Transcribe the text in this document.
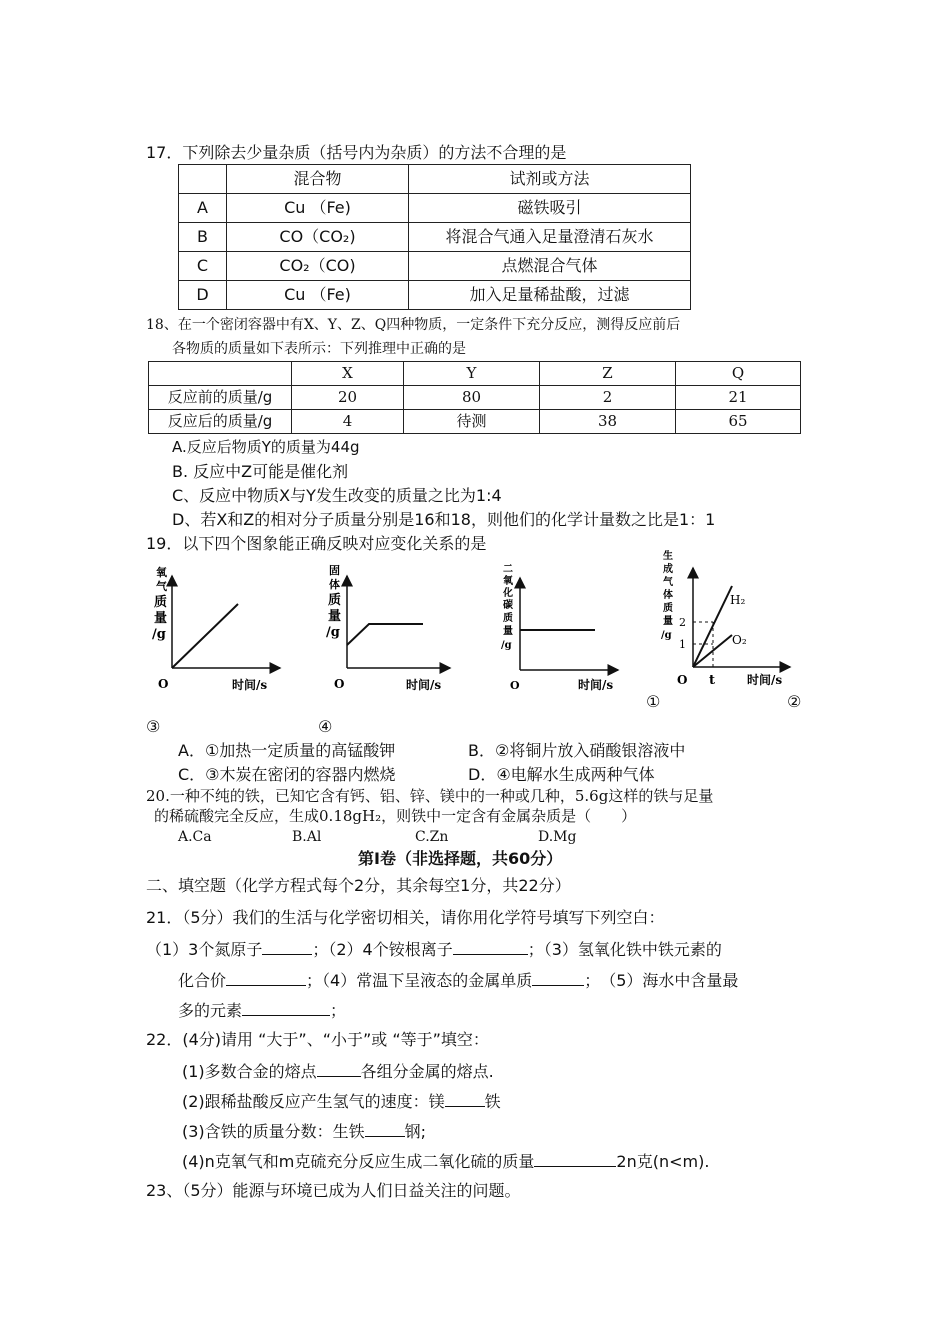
17．下列除去少量杂质（括号内为杂质）的方法不合理的是
	混合物	试剂或方法
A	Cu （Fe)	磁铁吸引
B	CO（CO₂)	将混合气通入足量澄清石灰水
C	CO₂（CO)	点燃混合气体
D	Cu （Fe)	加入足量稀盐酸，过滤
18、在一个密闭容器中有X、Y、Z、Q四种物质，一定条件下充分反应，测得反应前后
各物质的质量如下表所示：下列推理中正确的是
	X	Y	Z	Q
反应前的质量/g	20	80	2	21
反应后的质量/g	4	待测	38	65
A.反应后物质Y的质量为44g
B. 反应中Z可能是催化剂
C、反应中物质X与Y发生改变的质量之比为1:4
D、若X和Z的相对分子质量分别是16和18，则他们的化学计量数之比是1：1
19．以下四个图象能正确反映对应变化关系的是
氧
气
质
量
/g
O	时间/s
固
体
质
量
/g
O	时间/s
二
氧
化
碳
质
量
/g
O	时间/s
生
成
气
体
质
量
/g
2
1
H₂
O₂
O t	时间/s
①	②
③	④
A．①加热一定质量的高锰酸钾	B．②将铜片放入硝酸银溶液中
C．③木炭在密闭的容器内燃烧	D．④电解水生成两种气体
20.一种不纯的铁，已知它含有钙、铝、锌、镁中的一种或几种，5.6g这样的铁与足量
的稀硫酸完全反应，生成0.18gH₂，则铁中一定含有金属杂质是（　　）
A.Ca	B.Al	C.Zn	D.Mg
第Ⅰ卷（非选择题，共60分）
二、填空题（化学方程式每个2分，其余每空1分，共22分）
21．（5分）我们的生活与化学密切相关，请你用化学符号填写下列空白：
（1）3个氮原子	；（2）4个铵根离子	；（3）氢氧化铁中铁元素的
化合价	；（4）常温下呈液态的金属单质	；　（5）海水中含量最
多的元素	；
22．(4分)请用 “大于”、“小于”或 “等于”填空：
(1)多数合金的熔点	各组分金属的熔点.
(2)跟稀盐酸反应产生氢气的速度：镁	铁
(3)含铁的质量分数：生铁	钢;
(4)n克氧气和m克硫充分反应生成二氧化硫的质量	2n克(n<m).
23、（5分）能源与环境已成为人们日益关注的问题。
